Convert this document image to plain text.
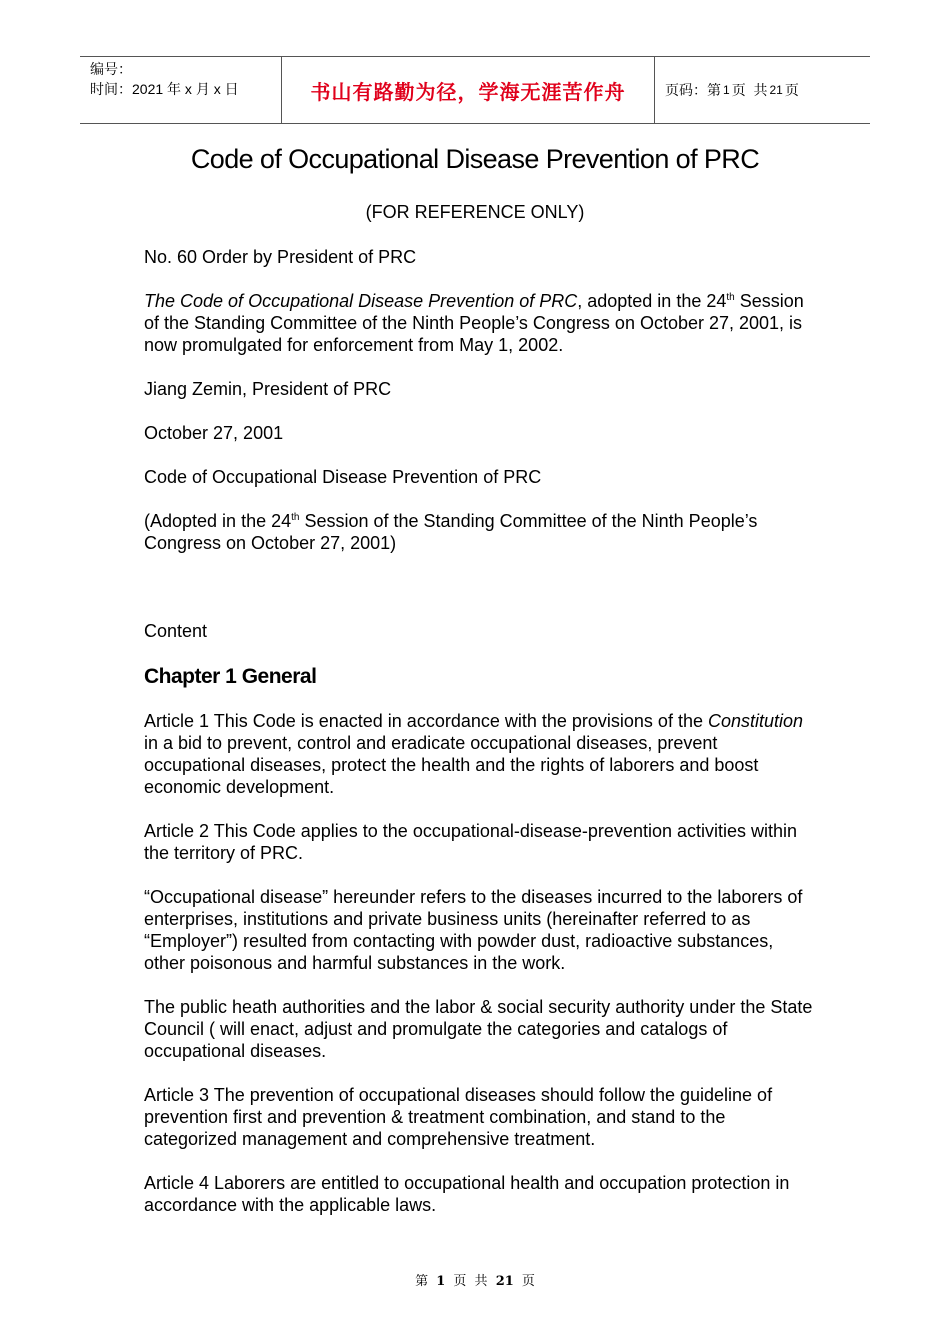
编号：
时间：2021 年 x 月 x 日	书山有路勤为径，学海无涯苦作舟	页码：第 1 页  共 21 页
Code of Occupational Disease Prevention of PRC
(FOR REFERENCE ONLY)

No. 60 Order by President of PRC

The Code of Occupational Disease Prevention of PRC, adopted in the 24th Session of the Standing Committee of the Ninth People’s Congress on October 27, 2001, is now promulgated for enforcement from May 1, 2002.

Jiang Zemin, President of PRC

October 27, 2001

Code of Occupational Disease Prevention of PRC

(Adopted in the 24th Session of the Standing Committee of the Ninth People’s Congress on October 27, 2001)

Content

Chapter 1 General

Article 1 This Code is enacted in accordance with the provisions of the Constitution in a bid to prevent, control and eradicate occupational diseases, prevent occupational diseases, protect the health and the rights of laborers and boost economic development.

Article 2 This Code applies to the occupational-disease-prevention activities within the territory of PRC.

“Occupational disease” hereunder refers to the diseases incurred to the laborers of enterprises, institutions and private business units (hereinafter referred to as “Employer”) resulted from contacting with powder dust, radioactive substances, other poisonous and harmful substances in the work.

The public heath authorities and the labor & social security authority under the State Council ( will enact, adjust and promulgate the categories and catalogs of occupational diseases.

Article 3 The prevention of occupational diseases should follow the guideline of prevention first and prevention & treatment combination, and stand to the categorized management and comprehensive treatment.

Article 4 Laborers are entitled to occupational health and occupation protection in accordance with the applicable laws.

第 1 页 共 21 页
